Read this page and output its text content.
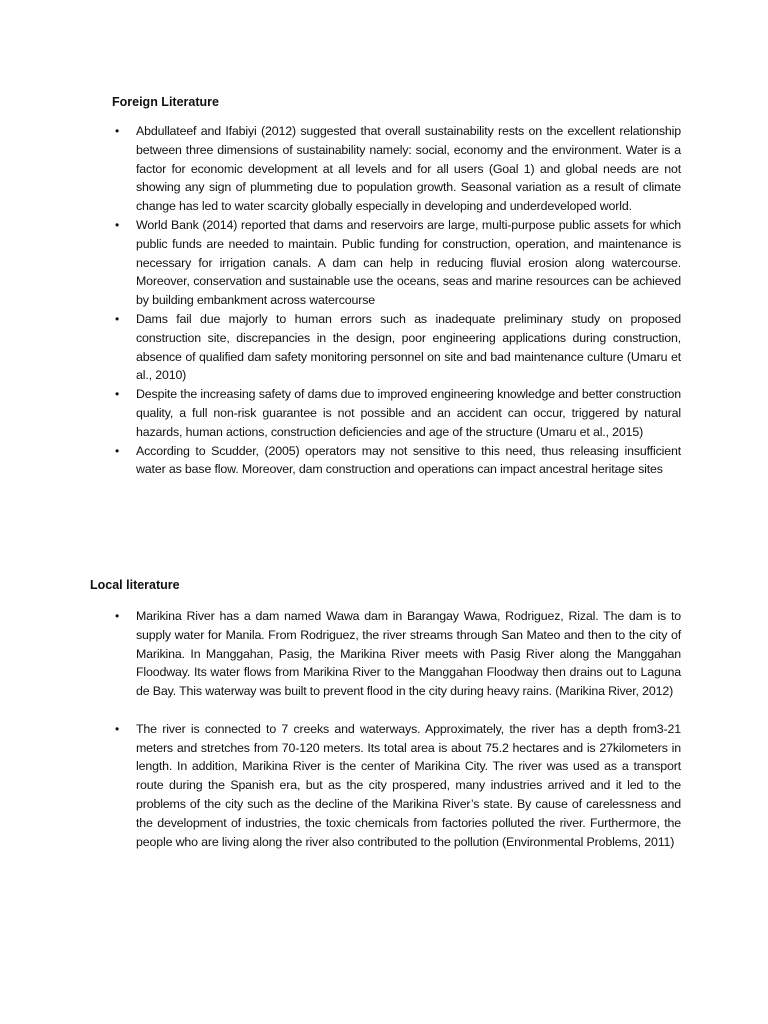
Foreign Literature
• Abdullateef and Ifabiyi (2012) suggested that overall sustainability rests on the excellent relationship between three dimensions of sustainability namely: social, economy and the environment. Water is a factor for economic development at all levels and for all users (Goal 1) and global needs are not showing any sign of plummeting due to population growth. Seasonal variation as a result of climate change has led to water scarcity globally especially in developing and underdeveloped world.
• World Bank (2014) reported that dams and reservoirs are large, multi-purpose public assets for which public funds are needed to maintain. Public funding for construction, operation, and maintenance is necessary for irrigation canals. A dam can help in reducing fluvial erosion along watercourse. Moreover, conservation and sustainable use the oceans, seas and marine resources can be achieved by building embankment across watercourse
• Dams fail due majorly to human errors such as inadequate preliminary study on proposed construction site, discrepancies in the design, poor engineering applications during construction, absence of qualified dam safety monitoring personnel on site and bad maintenance culture (Umaru et al., 2010)
• Despite the increasing safety of dams due to improved engineering knowledge and better construction quality, a full non-risk guarantee is not possible and an accident can occur, triggered by natural hazards, human actions, construction deficiencies and age of the structure (Umaru et al., 2015)
• According to Scudder, (2005) operators may not sensitive to this need, thus releasing insufficient water as base flow. Moreover, dam construction and operations can impact ancestral heritage sites
Local literature
• Marikina River has a dam named Wawa dam in Barangay Wawa, Rodriguez, Rizal. The dam is to supply water for Manila. From Rodriguez, the river streams through San Mateo and then to the city of Marikina. In Manggahan, Pasig, the Marikina River meets with Pasig River along the Manggahan Floodway. Its water flows from Marikina River to the Manggahan Floodway then drains out to Laguna de Bay. This waterway was built to prevent flood in the city during heavy rains. (Marikina River, 2012)
• The river is connected to 7 creeks and waterways. Approximately, the river has a depth from3-21 meters and stretches from 70-120 meters. Its total area is about 75.2 hectares and is 27kilometers in length. In addition, Marikina River is the center of Marikina City. The river was used as a transport route during the Spanish era, but as the city prospered, many industries arrived and it led to the problems of the city such as the decline of the Marikina River’s state. By cause of carelessness and the development of industries, the toxic chemicals from factories polluted the river. Furthermore, the people who are living along the river also contributed to the pollution (Environmental Problems, 2011)
